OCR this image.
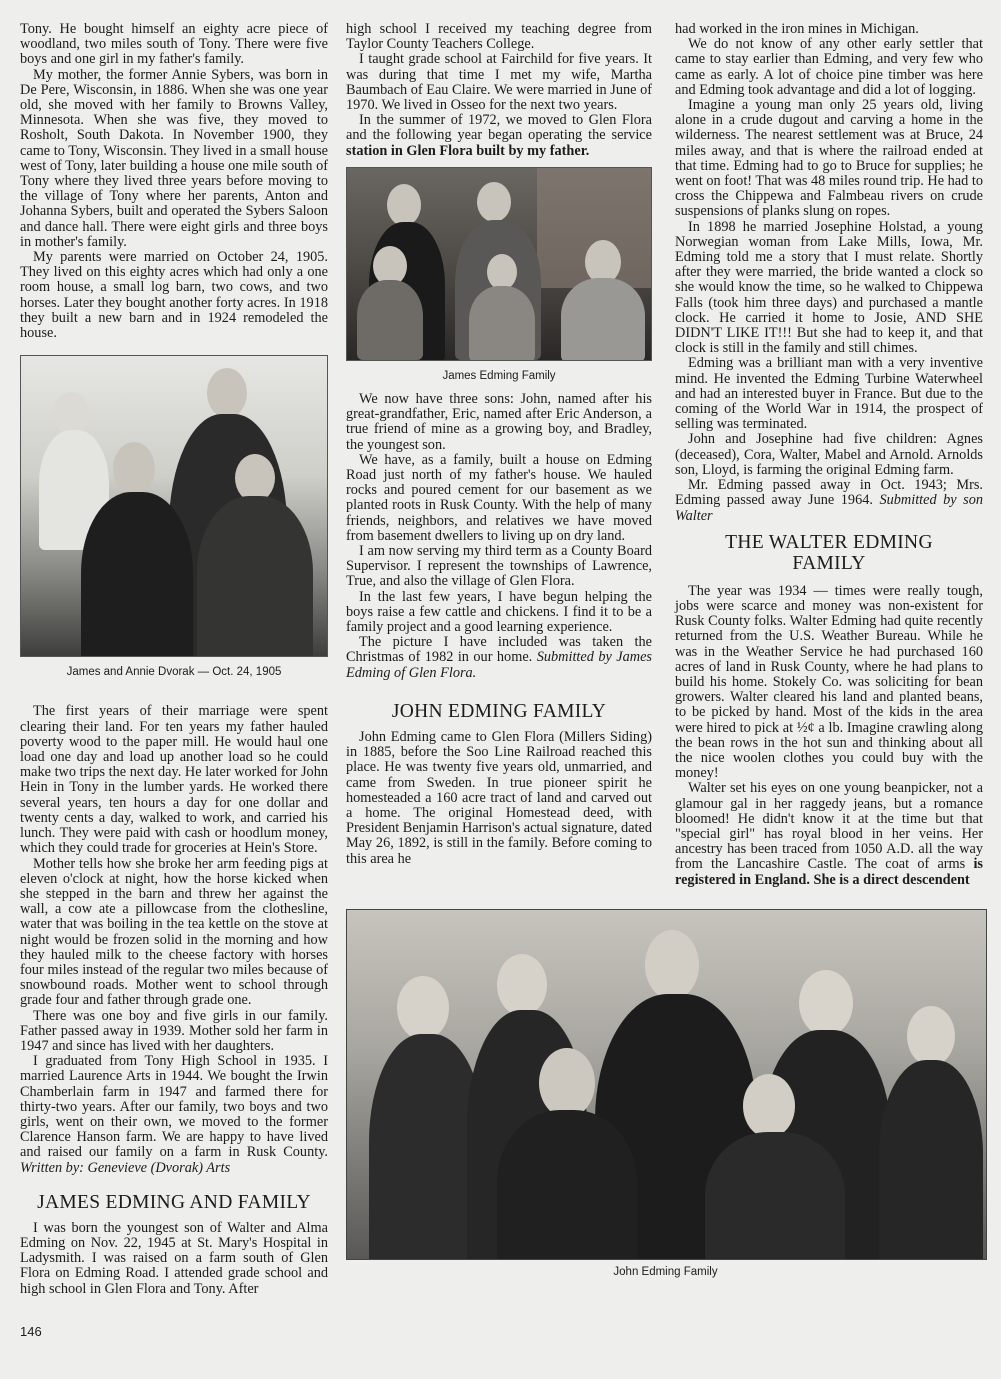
Tony. He bought himself an eighty acre piece of woodland, two miles south of Tony. There were five boys and one girl in my father's family.

My mother, the former Annie Sybers, was born in De Pere, Wisconsin, in 1886. When she was one year old, she moved with her family to Browns Valley, Minnesota. When she was five, they moved to Rosholt, South Dakota. In November 1900, they came to Tony, Wisconsin. They lived in a small house west of Tony, later building a house one mile south of Tony where they lived three years before moving to the village of Tony where her parents, Anton and Johanna Sybers, built and operated the Sybers Saloon and dance hall. There were eight girls and three boys in mother's family.

My parents were married on October 24, 1905. They lived on this eighty acres which had only a one room house, a small log barn, two cows, and two horses. Later they bought another forty acres. In 1918 they built a new barn and in 1924 remodeled the house.

James and Annie Dvorak — Oct. 24, 1905

The first years of their marriage were spent clearing their land. For ten years my father hauled poverty wood to the paper mill. He would haul one load one day and load up another load so he could make two trips the next day. He later worked for John Hein in Tony in the lumber yards. He worked there several years, ten hours a day for one dollar and twenty cents a day, walked to work, and carried his lunch. They were paid with cash or hoodlum money, which they could trade for groceries at Hein's Store.

Mother tells how she broke her arm feeding pigs at eleven o'clock at night, how the horse kicked when she stepped in the barn and threw her against the wall, a cow ate a pillowcase from the clothesline, water that was boiling in the tea kettle on the stove at night would be frozen solid in the morning and how they hauled milk to the cheese factory with horses four miles instead of the regular two miles because of snowbound roads. Mother went to school through grade four and father through grade one.

There was one boy and five girls in our family. Father passed away in 1939. Mother sold her farm in 1947 and since has lived with her daughters.

I graduated from Tony High School in 1935. I married Laurence Arts in 1944. We bought the Irwin Chamberlain farm in 1947 and farmed there for thirty-two years. After our family, two boys and two girls, went on their own, we moved to the former Clarence Hanson farm. We are happy to have lived and raised our family on a farm in Rusk County. Written by: Genevieve (Dvorak) Arts

JAMES EDMING AND FAMILY

I was born the youngest son of Walter and Alma Edming on Nov. 22, 1945 at St. Mary's Hospital in Ladysmith. I was raised on a farm south of Glen Flora on Edming Road. I attended grade school and high school in Glen Flora and Tony. After

high school I received my teaching degree from Taylor County Teachers College.

I taught grade school at Fairchild for five years. It was during that time I met my wife, Martha Baumbach of Eau Claire. We were married in June of 1970. We lived in Osseo for the next two years.

In the summer of 1972, we moved to Glen Flora and the following year began operating the service station in Glen Flora built by my father.

James Edming Family

We now have three sons: John, named after his great-grandfather, Eric, named after Eric Anderson, a true friend of mine as a growing boy, and Bradley, the youngest son.

We have, as a family, built a house on Edming Road just north of my father's house. We hauled rocks and poured cement for our basement as we planted roots in Rusk County. With the help of many friends, neighbors, and relatives we have moved from basement dwellers to living up on dry land.

I am now serving my third term as a County Board Supervisor. I represent the townships of Lawrence, True, and also the village of Glen Flora.

In the last few years, I have begun helping the boys raise a few cattle and chickens. I find it to be a family project and a good learning experience.

The picture I have included was taken the Christmas of 1982 in our home. Submitted by James Edming of Glen Flora.

JOHN EDMING FAMILY

John Edming came to Glen Flora (Millers Siding) in 1885, before the Soo Line Railroad reached this place. He was twenty five years old, unmarried, and came from Sweden. In true pioneer spirit he homesteaded a 160 acre tract of land and carved out a home. The original Homestead deed, with President Benjamin Harrison's actual signature, dated May 26, 1892, is still in the family. Before coming to this area he

had worked in the iron mines in Michigan.

We do not know of any other early settler that came to stay earlier than Edming, and very few who came as early. A lot of choice pine timber was here and Edming took advantage and did a lot of logging.

Imagine a young man only 25 years old, living alone in a crude dugout and carving a home in the wilderness. The nearest settlement was at Bruce, 24 miles away, and that is where the railroad ended at that time. Edming had to go to Bruce for supplies; he went on foot! That was 48 miles round trip. He had to cross the Chippewa and Falmbeau rivers on crude suspensions of planks slung on ropes.

In 1898 he married Josephine Holstad, a young Norwegian woman from Lake Mills, Iowa, Mr. Edming told me a story that I must relate. Shortly after they were married, the bride wanted a clock so she would know the time, so he walked to Chippewa Falls (took him three days) and purchased a mantle clock. He carried it home to Josie, AND SHE DIDN'T LIKE IT!!! But she had to keep it, and that clock is still in the family and still chimes.

Edming was a brilliant man with a very inventive mind. He invented the Edming Turbine Waterwheel and had an interested buyer in France. But due to the coming of the World War in 1914, the prospect of selling was terminated.

John and Josephine had five children: Agnes (deceased), Cora, Walter, Mabel and Arnold. Arnolds son, Lloyd, is farming the original Edming farm.

Mr. Edming passed away in Oct. 1943; Mrs. Edming passed away June 1964. Submitted by son Walter

THE WALTER EDMING FAMILY

The year was 1934 — times were really tough, jobs were scarce and money was non-existent for Rusk County folks. Walter Edming had quite recently returned from the U.S. Weather Bureau. While he was in the Weather Service he had purchased 160 acres of land in Rusk County, where he had plans to build his home. Stokely Co. was soliciting for bean growers. Walter cleared his land and planted beans, to be picked by hand. Most of the kids in the area were hired to pick at ½¢ a lb. Imagine crawling along the bean rows in the hot sun and thinking about all the nice woolen clothes you could buy with the money!

Walter set his eyes on one young beanpicker, not a glamour gal in her raggedy jeans, but a romance bloomed! He didn't know it at the time but that "special girl" has royal blood in her veins. Her ancestry has been traced from 1050 A.D. all the way from the Lancashire Castle. The coat of arms is registered in England. She is a direct descendent

John Edming Family
146
